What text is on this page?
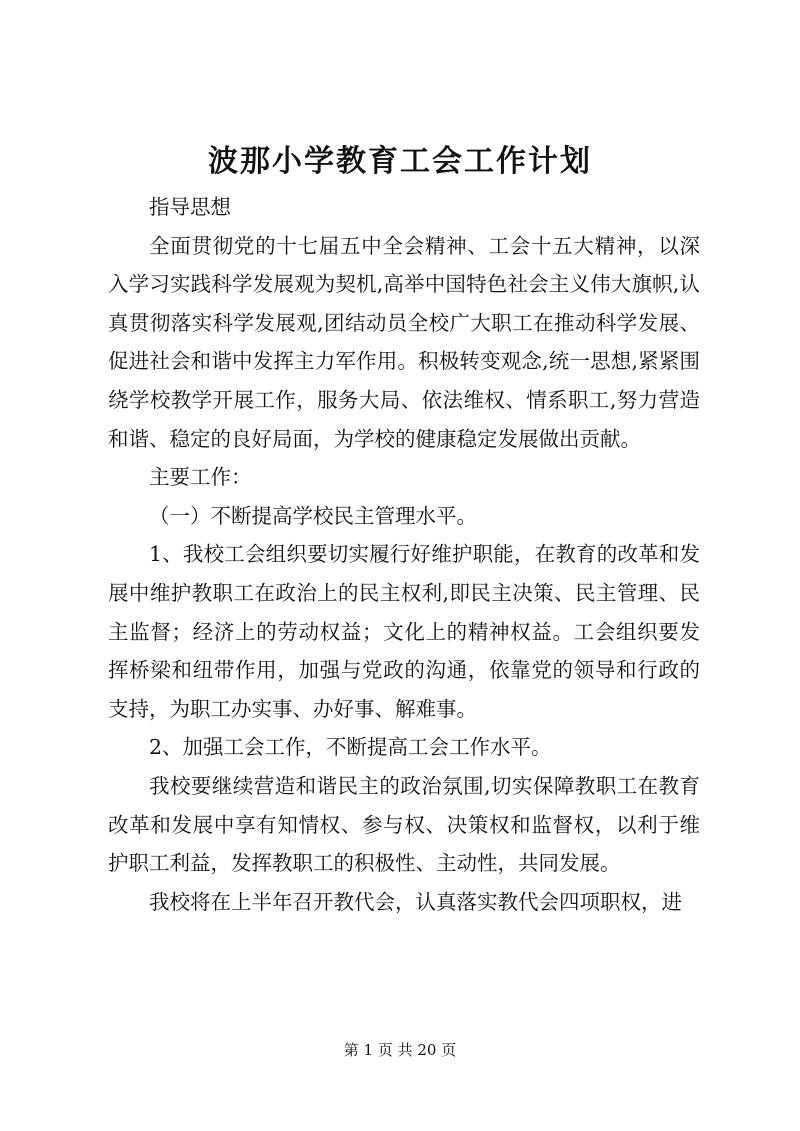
波那小学教育工会工作计划

指导思想

全面贯彻党的十七届五中全会精神、工会十五大精神，以深入学习实践科学发展观为契机,高举中国特色社会主义伟大旗帜,认真贯彻落实科学发展观,团结动员全校广大职工在推动科学发展、促进社会和谐中发挥主力军作用。积极转变观念,统一思想,紧紧围绕学校教学开展工作，服务大局、依法维权、情系职工,努力营造和谐、稳定的良好局面，为学校的健康稳定发展做出贡献。

主要工作：

（一）不断提高学校民主管理水平。

1、我校工会组织要切实履行好维护职能，在教育的改革和发展中维护教职工在政治上的民主权利,即民主决策、民主管理、民主监督；经济上的劳动权益；文化上的精神权益。工会组织要发挥桥梁和纽带作用，加强与党政的沟通，依靠党的领导和行政的支持，为职工办实事、办好事、解难事。

2、加强工会工作，不断提高工会工作水平。

我校要继续营造和谐民主的政治氛围,切实保障教职工在教育改革和发展中享有知情权、参与权、决策权和监督权，以利于维护职工利益，发挥教职工的积极性、主动性，共同发展。

我校将在上半年召开教代会，认真落实教代会四项职权，进

第 1 页 共 20 页
